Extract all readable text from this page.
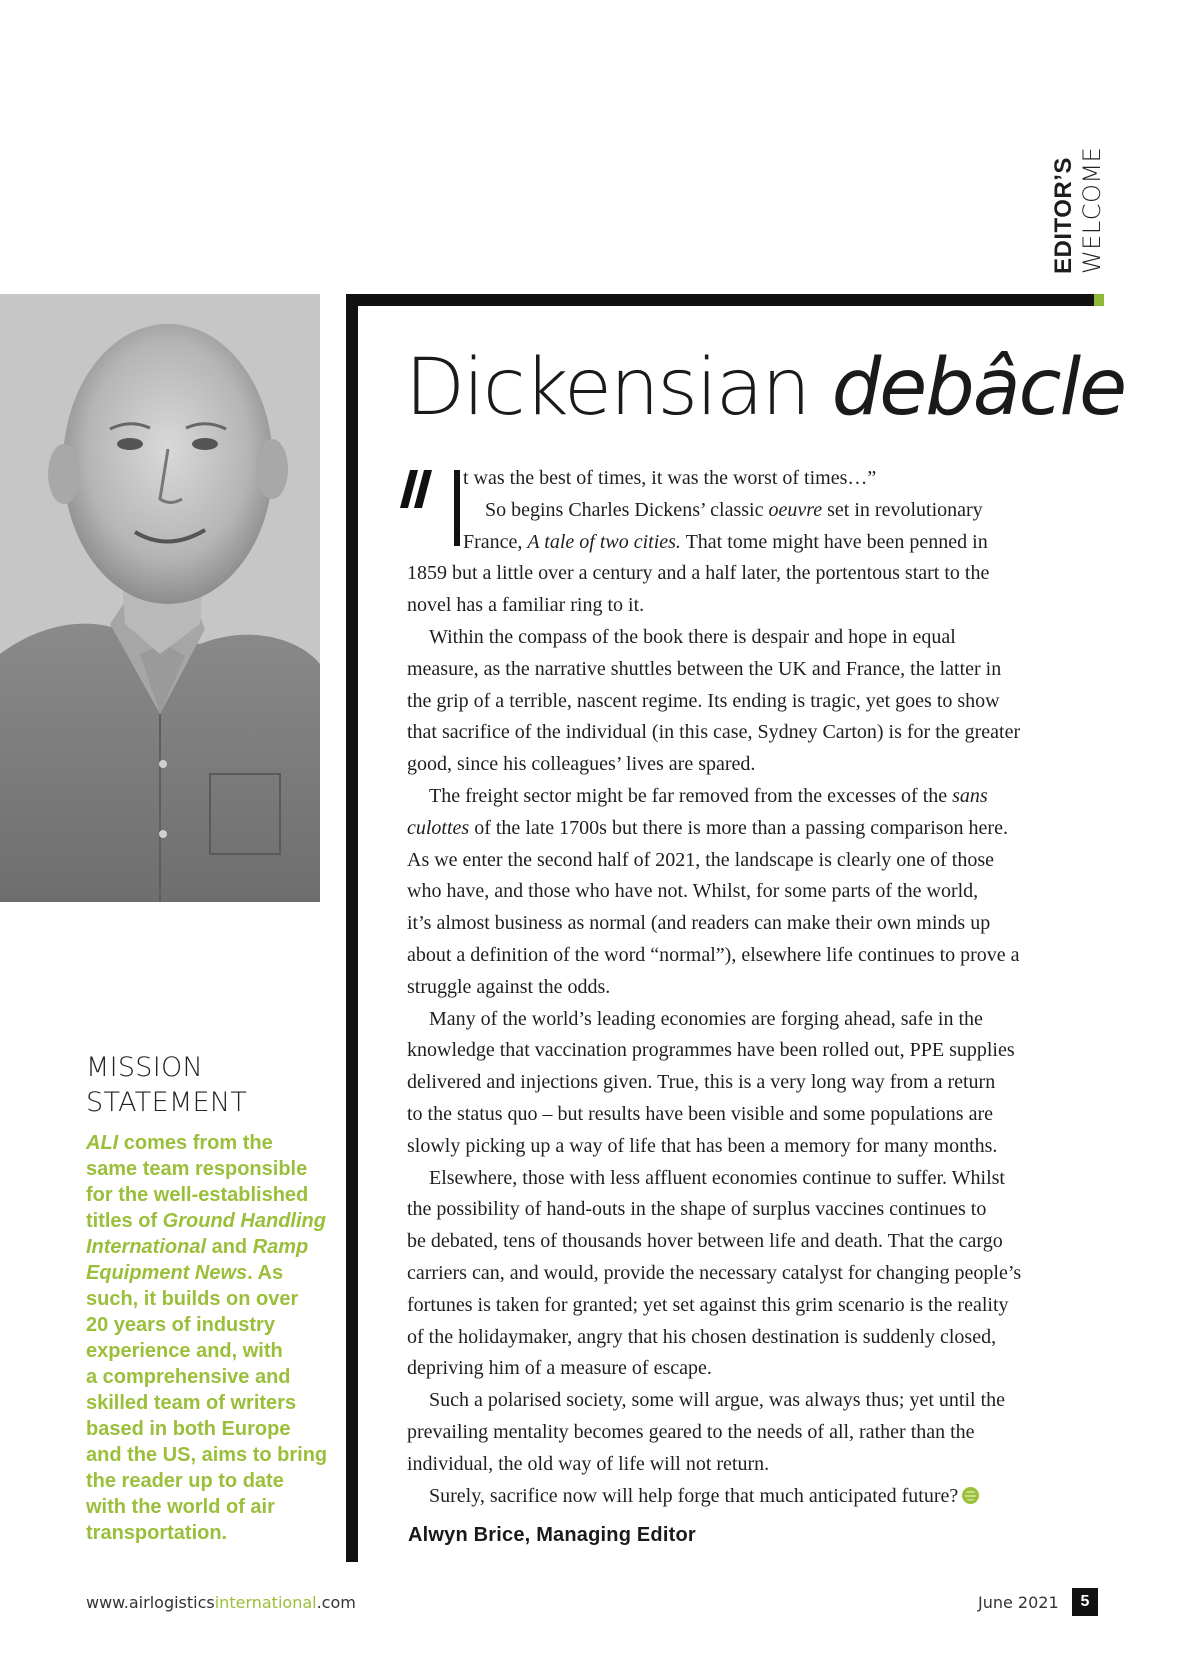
EDITOR’S WELCOME
MISSION
STATEMENT
ALI comes from the
same team responsible
for the well-established
titles of Ground Handling
International and Ramp
Equipment News. As
such, it builds on over
20 years of industry
experience and, with
a comprehensive and
skilled team of writers
based in both Europe
and the US, aims to bring
the reader up to date
with the world of air
transportation.
Dickensian debâcle
t was the best of times, it was the worst of times…”
So begins Charles Dickens’ classic oeuvre set in revolutionary
France, A tale of two cities. That tome might have been penned in
1859 but a little over a century and a half later, the portentous start to the
novel has a familiar ring to it.
Within the compass of the book there is despair and hope in equal
measure, as the narrative shuttles between the UK and France, the latter in
the grip of a terrible, nascent regime. Its ending is tragic, yet goes to show
that sacrifice of the individual (in this case, Sydney Carton) is for the greater
good, since his colleagues’ lives are spared.
The freight sector might be far removed from the excesses of the sans
culottes of the late 1700s but there is more than a passing comparison here.
As we enter the second half of 2021, the landscape is clearly one of those
who have, and those who have not. Whilst, for some parts of the world,
it’s almost business as normal (and readers can make their own minds up
about a definition of the word “normal”), elsewhere life continues to prove a
struggle against the odds.
Many of the world’s leading economies are forging ahead, safe in the
knowledge that vaccination programmes have been rolled out, PPE supplies
delivered and injections given. True, this is a very long way from a return
to the status quo – but results have been visible and some populations are
slowly picking up a way of life that has been a memory for many months.
Elsewhere, those with less affluent economies continue to suffer. Whilst
the possibility of hand-outs in the shape of surplus vaccines continues to
be debated, tens of thousands hover between life and death. That the cargo
carriers can, and would, provide the necessary catalyst for changing people’s
fortunes is taken for granted; yet set against this grim scenario is the reality
of the holidaymaker, angry that his chosen destination is suddenly closed,
depriving him of a measure of escape.
Such a polarised society, some will argue, was always thus; yet until the
prevailing mentality becomes geared to the needs of all, rather than the
individual, the old way of life will not return.
Surely, sacrifice now will help forge that much anticipated future?
Alwyn Brice, Managing Editor
www.airlogisticsinternational.com	June 2021	5
